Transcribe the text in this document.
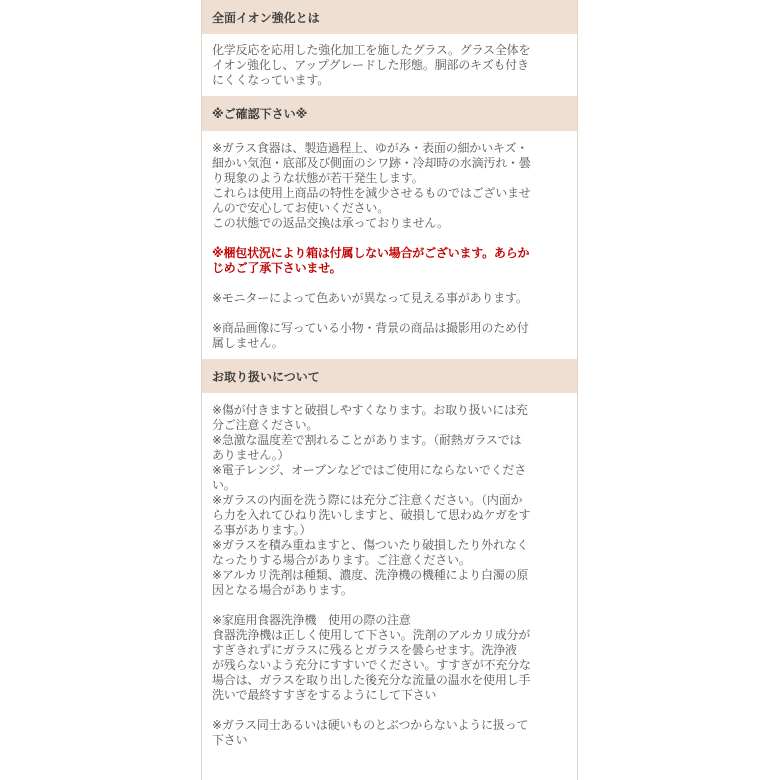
全面イオン強化とは

化学反応を応用した強化加工を施したグラス。グラス全体を

イオン強化し、アップグレードした形態。胴部のキズも付き

にくくなっています。

※ご確認下さい※

※ガラス食器は、製造過程上、ゆがみ・表面の細かいキズ・

細かい気泡・底部及び側面のシワ跡・冷却時の水滴汚れ・曇

り現象のような状態が若干発生します。

これらは使用上商品の特性を減少させるものではございませ

んので安心してお使いください。

この状態での返品交換は承っておりません。

※梱包状況により箱は付属しない場合がございます。あらか

じめご了承下さいませ。

※モニターによって色あいが異なって見える事があります。

※商品画像に写っている小物・背景の商品は撮影用のため付

属しません。

お取り扱いについて

※傷が付きますと破損しやすくなります。お取り扱いには充

分ご注意ください。

※急激な温度差で割れることがあります。（耐熱ガラスでは

ありません。）

※電子レンジ、オーブンなどではご使用にならないでくださ

い。

※ガラスの内面を洗う際には充分ご注意ください。（内面か

ら力を入れてひねり洗いしますと、破損して思わぬケガをす

る事があります。）

※ガラスを積み重ねますと、傷ついたり破損したり外れなく

なったりする場合があります。ご注意ください。

※アルカリ洗剤は種類、濃度、洗浄機の機種により白濁の原

因となる場合があります。

※家庭用食器洗浄機　使用の際の注意

食器洗浄機は正しく使用して下さい。洗剤のアルカリ成分が

すぎきれずにガラスに残るとガラスを曇らせます。洗浄液

が残らないよう充分にすすいでください。すすぎが不充分な

場合は、ガラスを取り出した後充分な流量の温水を使用し手

洗いで最終すすぎをするようにして下さい

※ガラス同士あるいは硬いものとぶつからないように扱って

下さい
